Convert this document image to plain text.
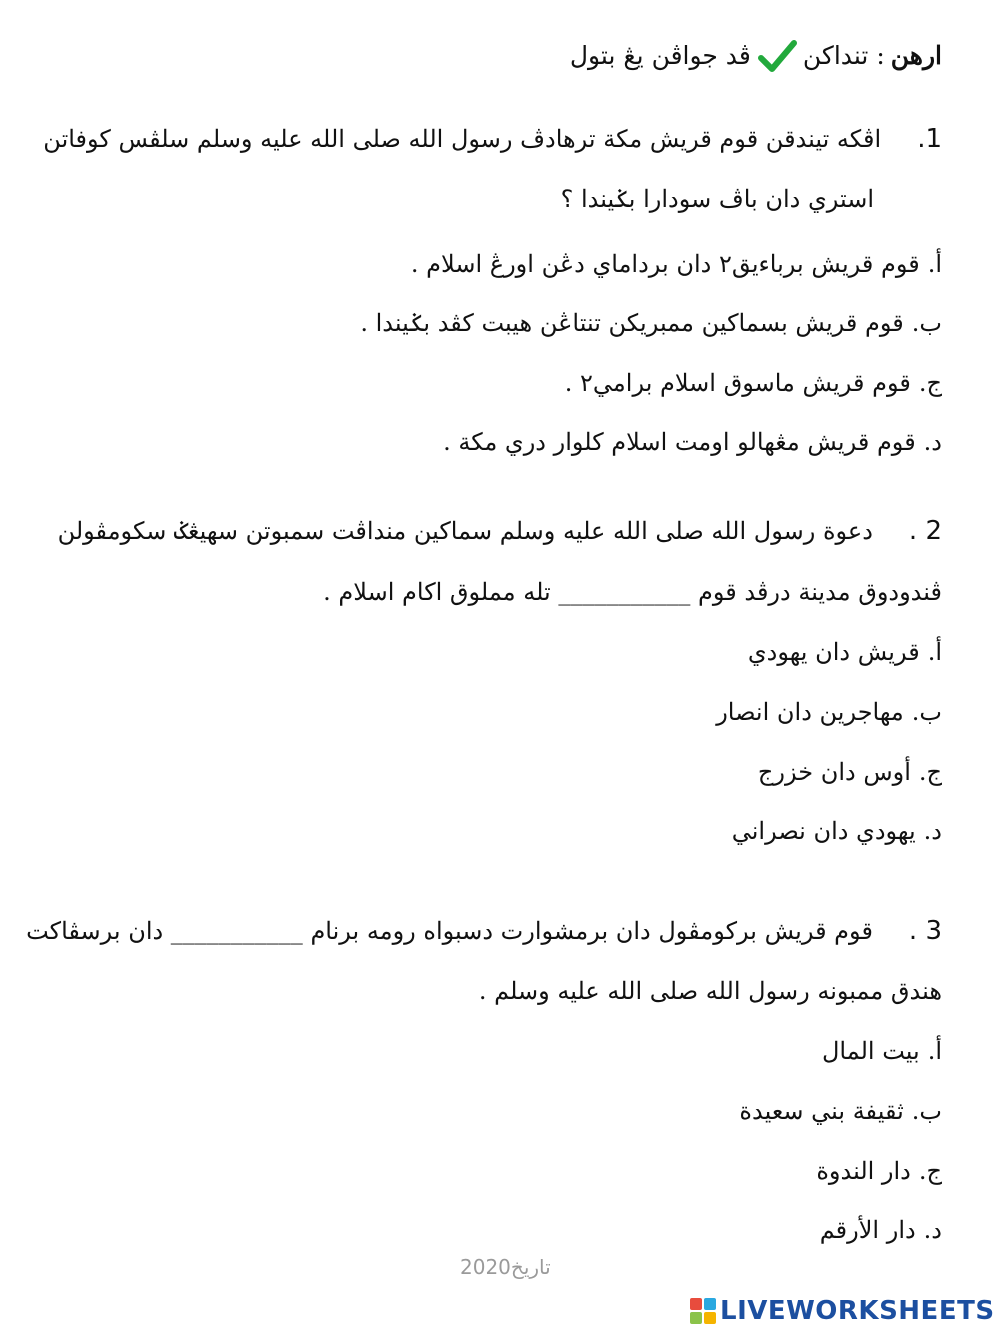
ارهن
: تنداكن
ڤد جواڤن يڠ بتول
1.اڤكه تيندقن قوم قريش مكة ترهادڤ رسول الله صلى الله عليه وسلم سلڤس كوفاتن
استري دان باڤ سودارا بݢيندا ؟
أ.قوم قريش برباءيق٢ دان برداماي دڠن اورڠ اسلام .
ب.قوم قريش بسماكين ممبريكن تنتاڠن هيبت كڤد بݢيندا .
ج.قوم قريش ماسوق اسلام برامي٢ .
د.قوم قريش مڠهالو اومت اسلام كلوار دري مكة .
2 .دعوة رسول الله صلى الله عليه وسلم سماكين منداڤت سمبوتن سهيڠݢ سكومڤولن
ڤندودوق مدينة درڤد قوم ___________ تله مملوق اكام اسلام .
أ.قريش دان يهودي
ب.مهاجرين دان انصار
ج.أوس دان خزرج
د.يهودي دان نصراني
3 .قوم قريش بركومڤول دان برمشوارت دسبواه رومه برنام ___________ دان برسڤاكت
هندق ممبونه رسول الله صلى الله عليه وسلم .
أ.بيت المال
ب.ثقيفة بني سعيدة
ج.دار الندوة
د.دار الأرقم
تاريخ2020
LIVEWORKSHEETS
